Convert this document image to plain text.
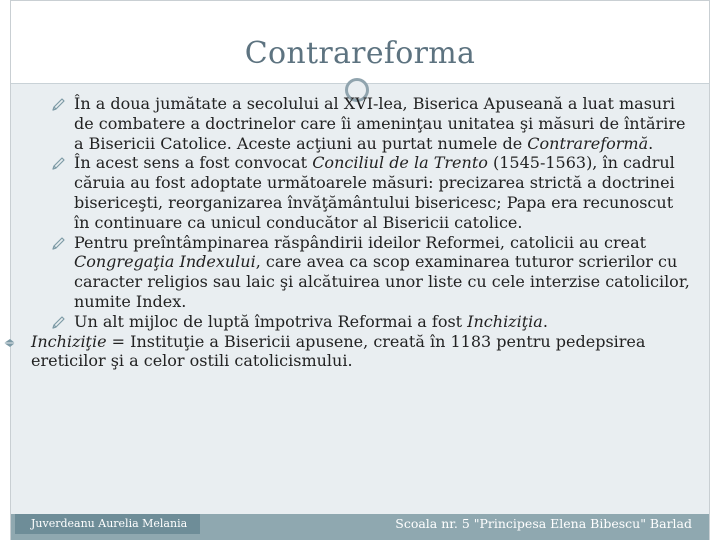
Contrareforma
În a doua jumătate a secolului al XVI-lea, Biserica Apuseană a luat masuri de combatere a doctrinelor care îi ameninţau unitatea şi măsuri de întărire a Bisericii Catolice. Aceste acţiuni au purtat numele de Contrareformă.
În acest sens a fost convocat Conciliul de la Trento (1545-1563), în cadrul căruia au fost adoptate următoarele măsuri: precizarea strictă a doctrinei bisericeşti, reorganizarea învăţământului bisericesc; Papa era recunoscut în continuare ca unicul conducător al Bisericii catolice.
Pentru preîntâmpinarea răspândirii ideilor Reformei, catolicii au creat Congregaţia Indexului, care avea ca scop examinarea tuturor scrierilor cu caracter religios sau laic şi alcătuirea unor liste cu cele interzise catolicilor, numite Index.
Un alt mijloc de luptă împotriva Reformai a fost Inchiziţia.
Inchiziţie = Instituţie a Bisericii apusene, creată în 1183 pentru pedepsirea ereticilor şi a celor ostili catolicismului.
Juverdeanu Aurelia Melania	Scoala nr. 5 "Principesa Elena Bibescu" Barlad
